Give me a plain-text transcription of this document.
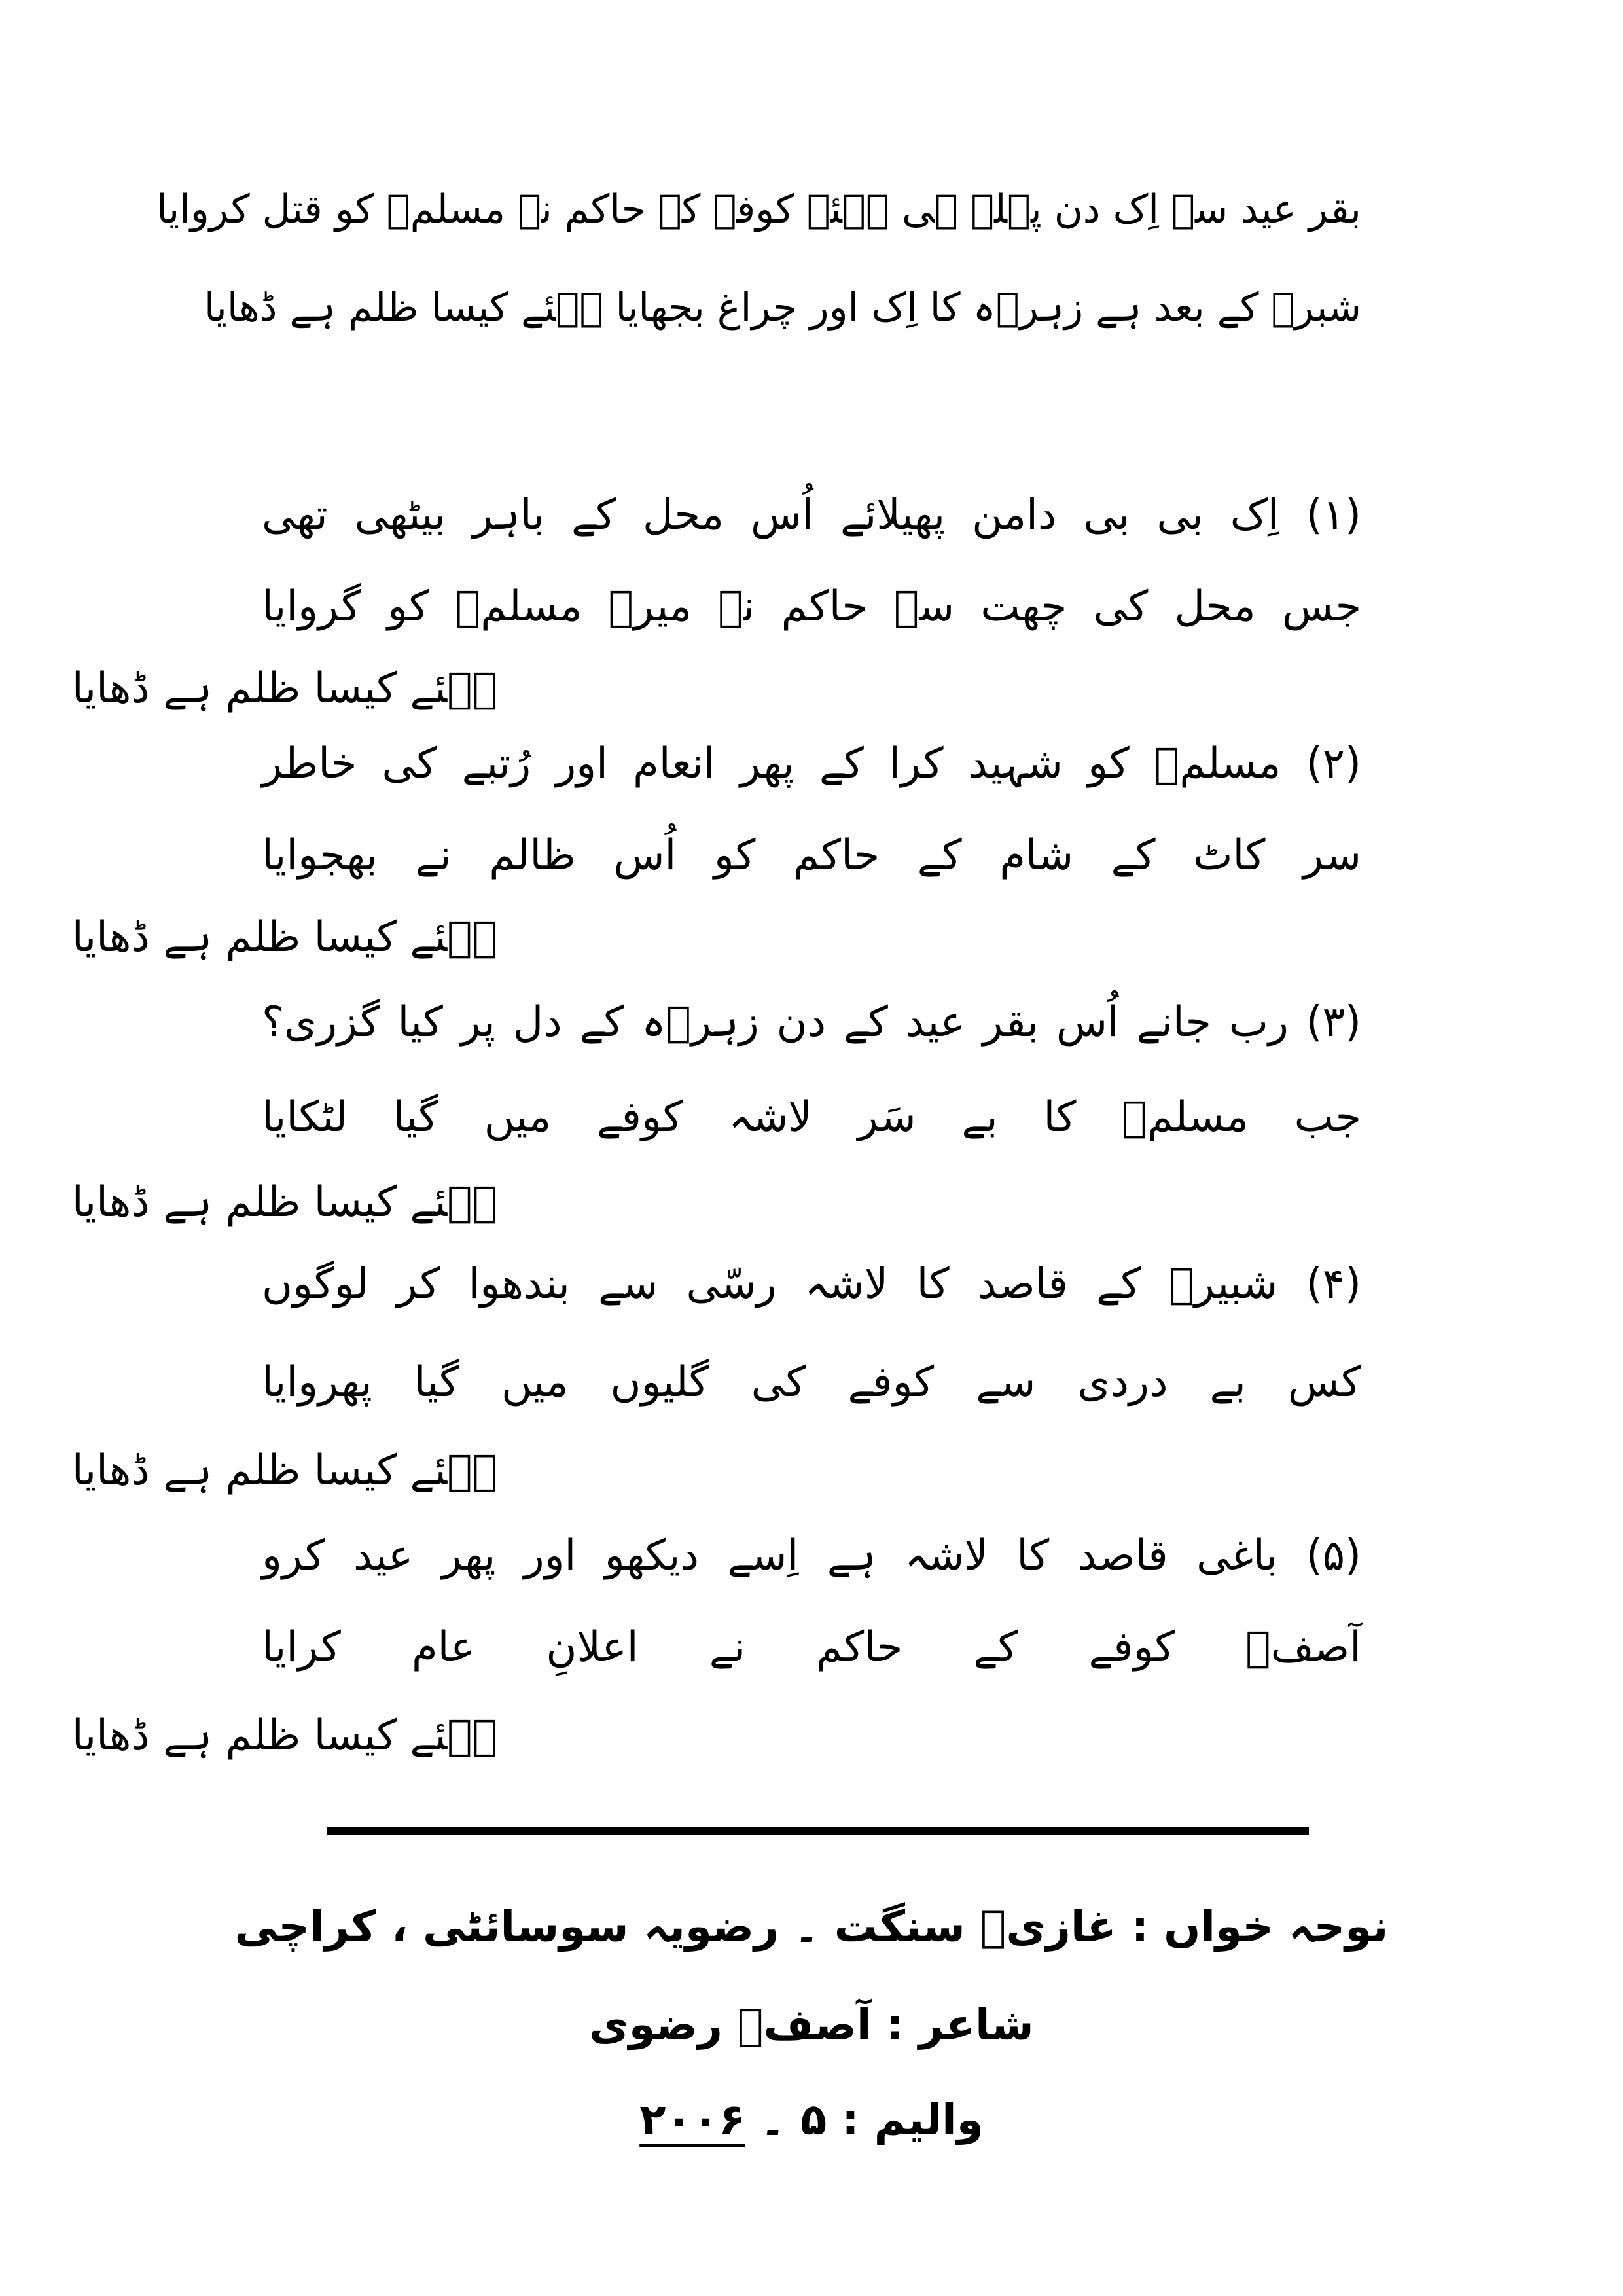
بقر عید سے اِک دن پہلے ہی ہٙئے کوفے کے حاکم نے مسلمؑ کو قتل کروایا
شبرؑ کے بعد ہے زہرؑہ کا اِک اور چراغ بجھایا ہٙئے کیسا ظلم ہے ڈھایا
(۱) اِک بی بی دامن پھیلائے اُس محل کے باہر بیٹھی تھی
جس محل کی چھت سے حاکم نے میرے مسلمؑ کو گروایا
ہٙئے کیسا ظلم ہے ڈھایا
(۲) مسلمؑ کو شہید کرا کے پھر انعام اور رُتبے کی خاطر
سر کاٹ کے شام کے حاکم کو اُس ظالم نے بھجوایا
ہٙئے کیسا ظلم ہے ڈھایا
(۳) رب جانے اُس بقر عید کے دن زہرؑہ کے دل پر کیا گزری؟
جب مسلمؑ کا بے سَر لاشہ کوفے میں گیا لٹکایا
ہٙئے کیسا ظلم ہے ڈھایا
(۴) شبیرؑ کے قاصد کا لاشہ رسّی سے بندھوا کر لوگوں
کس بے دردی سے کوفے کی گلیوں میں گیا پھروایا
ہٙئے کیسا ظلم ہے ڈھایا
(۵) باغی قاصد کا لاشہ ہے اِسے دیکھو اور پھر عید کرو
آصفؔ کوفے کے حاکم نے اعلانِ عام کرایا
ہٙئے کیسا ظلم ہے ڈھایا
نوحہ خواں : غازیؑ سنگت ۔ رضویہ سوسائٹی ، کراچی
شاعر : آصفؔ رضوی
والیم : ۵ ۔ ۲۰۰۶
